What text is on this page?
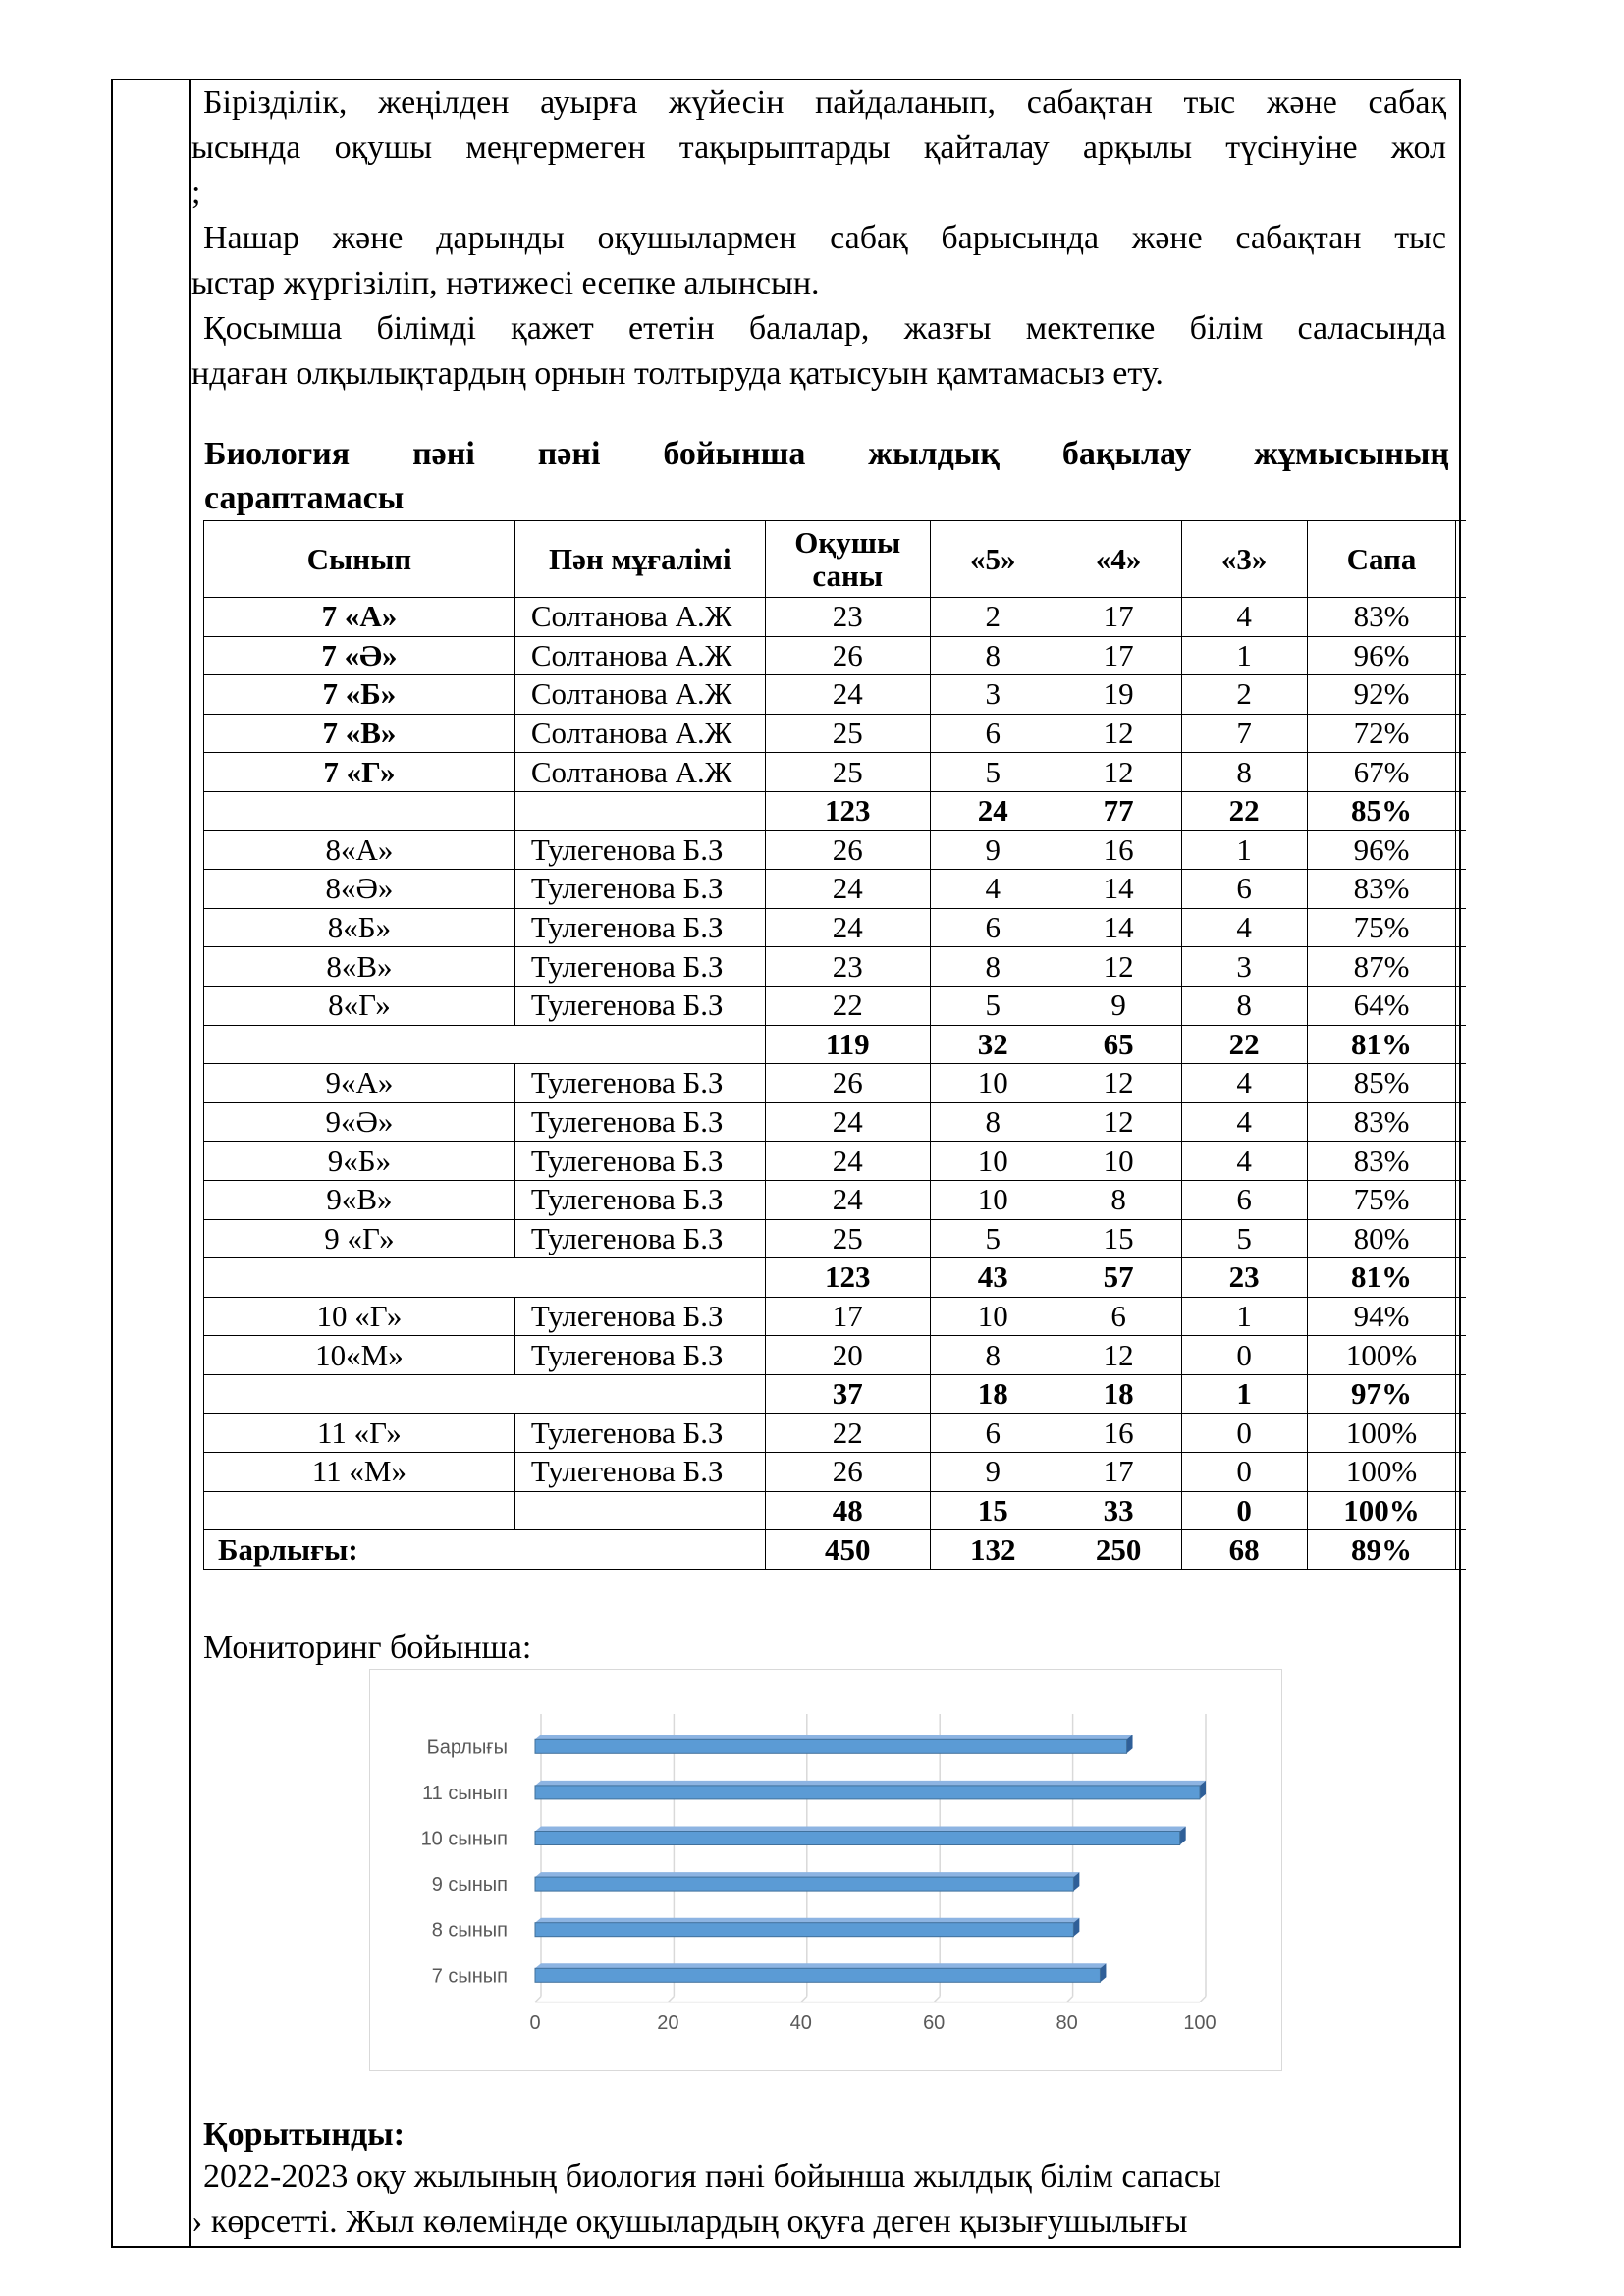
Бірізділік, жеңілден ауырға жүйесін пайдаланып, сабақтан тыс және сабақ
ысында оқушы меңгермеген тақырыптарды қайталау арқылы түсінуіне жол
;
Нашар және дарынды оқушылармен сабақ барысында және сабақтан тыс
ыстар жүргізіліп, нәтижесі есепке алынсын.
Қосымша білімді қажет ететін балалар, жазғы мектепке білім саласында
ндаған олқылықтардың орнын толтыруда қатысуын қамтамасыз ету.
Биология пәні пәні бойынша жылдық бақылау жұмысының
сараптамасы
Сынып	Пән мұғалімі	Оқушы саны	«5»	«4»	«3»	Сапа	
7 «А»	Солтанова А.Ж	23	2	17	4	83%	
7 «Ә»	Солтанова А.Ж	26	8	17	1	96%	
7 «Б»	Солтанова А.Ж	24	3	19	2	92%	
7 «В»	Солтанова А.Ж	25	6	12	7	72%	
7 «Г»	Солтанова А.Ж	25	5	12	8	67%	
		123	24	77	22	85%	
8«А»	Тулегенова Б.З	26	9	16	1	96%	
8«Ә»	Тулегенова Б.З	24	4	14	6	83%	
8«Б»	Тулегенова Б.З	24	6	14	4	75%	
8«В»	Тулегенова Б.З	23	8	12	3	87%	
8«Г»	Тулегенова Б.З	22	5	9	8	64%	
		119	32	65	22	81%	
9«А»	Тулегенова Б.З	26	10	12	4	85%	
9«Ә»	Тулегенова Б.З	24	8	12	4	83%	
9«Б»	Тулегенова Б.З	24	10	10	4	83%	
9«В»	Тулегенова Б.З	24	10	8	6	75%	
9 «Г»	Тулегенова Б.З	25	5	15	5	80%	
		123	43	57	23	81%	
10 «Г»	Тулегенова Б.З	17	10	6	1	94%	
10«М»	Тулегенова Б.З	20	8	12	0	100%	
		37	18	18	1	97%	
11 «Г»	Тулегенова Б.З	22	6	16	0	100%	
11 «М»	Тулегенова Б.З	26	9	17	0	100%	
		48	15	33	0	100%	
Барлығы:		450	132	250	68	89%	
Мониторинг бойынша:
0	20	40	60	80	100
Барлығы
11 сынып
10 сынып
9 сынып
8 сынып
7 сынып
Қорытынды:
2022-2023 оқу жылының биология пәні бойынша жылдық білім сапасы
› көрсетті. Жыл көлемінде оқушылардың оқуға деген қызығушылығы
